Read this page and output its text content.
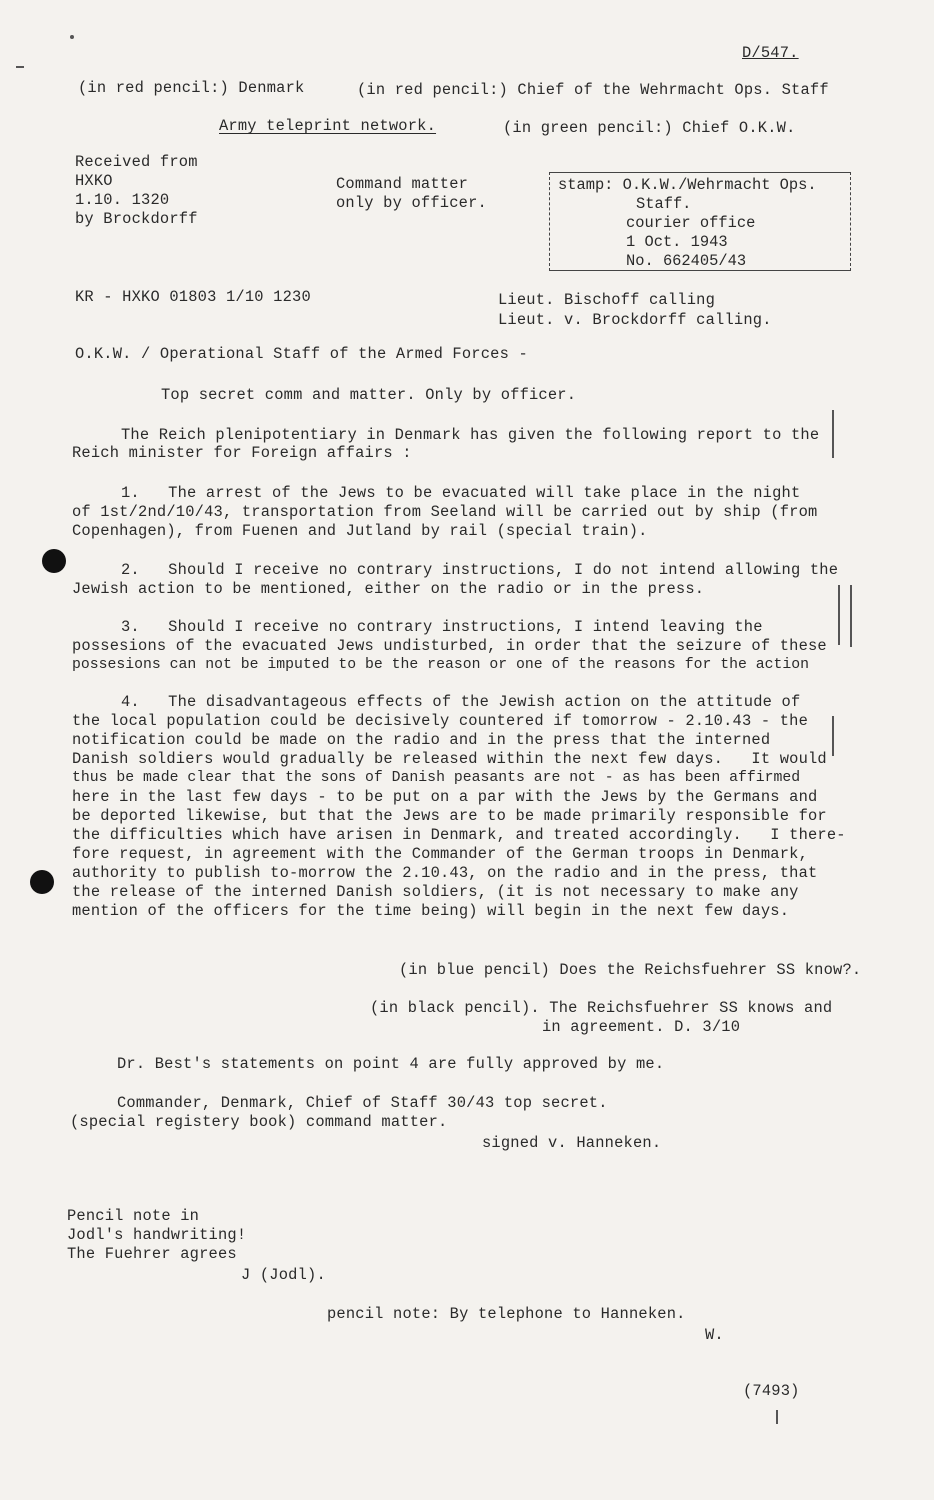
D/547.
(in red pencil:) Denmark	(in red pencil:) Chief of the Wehrmacht Ops. Staff
Army teleprint network.	(in green pencil:) Chief O.K.W.
Received from
HXKO
1.10. 1320
by Brockdorff
Command matter
only by officer.
stamp: O.K.W./Wehrmacht Ops.
Staff.
courier office
1 Oct. 1943
No. 662405/43
KR - HXKO 01803 1/10 1230	Lieut. Bischoff calling
Lieut. v. Brockdorff calling.
O.K.W. / Operational Staff of the Armed Forces -
Top secret comm and matter. Only by officer.
The Reich plenipotentiary in Denmark has given the following report to the
Reich minister for Foreign affairs :
1.   The arrest of the Jews to be evacuated will take place in the night
of 1st/2nd/10/43, transportation from Seeland will be carried out by ship (from
Copenhagen), from Fuenen and Jutland by rail (special train).
2.   Should I receive no contrary instructions, I do not intend allowing the
Jewish action to be mentioned, either on the radio or in the press.
3.   Should I receive no contrary instructions, I intend leaving the
possesions of the evacuated Jews undisturbed, in order that the seizure of these
possesions can not be imputed to be the reason or one of the reasons for the action
4.   The disadvantageous effects of the Jewish action on the attitude of
the local population could be decisively countered if tomorrow - 2.10.43 - the
notification could be made on the radio and in the press that the interned
Danish soldiers would gradually be released within the next few days.   It would
thus be made clear that the sons of Danish peasants are not - as has been affirmed
here in the last few days - to be put on a par with the Jews by the Germans and
be deported likewise, but that the Jews are to be made primarily responsible for
the difficulties which have arisen in Denmark, and treated accordingly.   I there-
fore request, in agreement with the Commander of the German troops in Denmark,
authority to publish to-morrow the 2.10.43, on the radio and in the press, that
the release of the interned Danish soldiers, (it is not necessary to make any
mention of the officers for the time being) will begin in the next few days.
(in blue pencil) Does the Reichsfuehrer SS know?.
(in black pencil). The Reichsfuehrer SS knows and
in agreement. D. 3/10
Dr. Best's statements on point 4 are fully approved by me.
Commander, Denmark, Chief of Staff 30/43 top secret.
(special registery book) command matter.
signed v. Hanneken.
Pencil note in
Jodl's handwriting!
The Fuehrer agrees
J (Jodl).
pencil note: By telephone to Hanneken.
W.
(7493)
